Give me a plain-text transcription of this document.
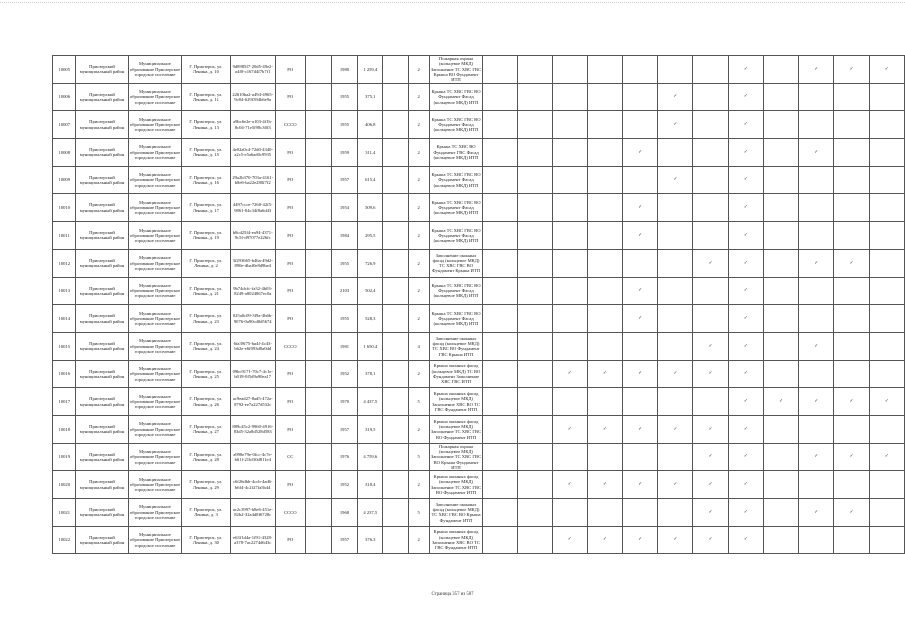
10005	Приозерский муниципальный район	Муниципальное образование Приозерское городское поселение	Г. Приозерск, ул. Ленина, д. 10	9d8985f7-20d5-49e2-a4f0-c167d4f7b7f1	РО		1980	1 259,4		2	Пожарная охрана (кольцевое МКД) Заполнение ТС ХВС ГВС Крыша ВО Фундамент ИТП								✓		✓	✓	✓
10006	Приозерский муниципальный район	Муниципальное образование Приозерское городское поселение	Г. Приозерск, ул. Ленина, д. 11	22610ba2-a494-4965-9c84-629f394b6e9a	РО		1955	375,1		2	Крыша ТС ХВС ГВС ВО Фундамент Фасад (кольцевое МКД) ИТП						✓		✓				
10007	Приозерский муниципальный район	Муниципальное образование Приозерское городское поселение	Г. Приозерск, ул. Ленина, д. 13	a9bc6e2e-a103-4f1b-8c04-71e5f98c30f3	СССО		1955	406,8		2	Крыша ТС ХВС ГВС ВО Фундамент Фасад (кольцевое МКД) ИТП						✓		✓				
10008	Приозерский муниципальный район	Муниципальное образование Приозерское городское поселение	Г. Приозерск, ул. Ленина, д. 15	4e02a0c4-72d0-4340-a2c5-e5a6ad0c9935	РО		1959	311,4		2	Крыша ТС ХВС ВО Фундамент ГВС Фасад (кольцевое МКД) ИТП					✓			✓		✓		
10009	Приозерский муниципальный район	Муниципальное образование Приозерское городское поселение	Г. Приозерск, ул. Ленина, д. 16	29a2b370-703a-4161-b8e6-ba22e280f7f2	РО		1957	615,4		2	Крыша ТС ХВС ГВС ВО Фундамент Фасад (кольцевое МКД) ИТП						✓		✓				
10010	Приозерский муниципальный район	Муниципальное образование Приозерское городское поселение	Г. Приозерск, ул. Ленина, д. 17	4497ccce-7260-42f5-9861-04c34f8a6d43	РО		1954	509,6		2	Крыша ТС ХВС ГВС ВО Фундамент Фасад (кольцевое МКД) ИТП					✓			✓				
10011	Приозерский муниципальный район	Муниципальное образование Приозерское городское поселение	Г. Приозерск, ул. Ленина, д. 19	b8cd25f4-ea94-4371-9c5f-d97077e226fc	РО		1984	295,5		2	Крыша ТС ХВС ГВС ВО Фундамент Фасад (кольцевое МКД) ИТП					✓			✓				
10012	Приозерский муниципальный район	Муниципальное образование Приозерское городское поселение	Г. Приозерск, ул. Ленина, д. 2	3f293665-b46a-49d2-890e-dbaf0e8d9be4	РО		1955	726,9		2	Заполнение оконных фасад (кольцевое МКД) ТС ХВС ГВС ВО Фундамент Крыша ИТП							✓	✓		✓	✓	
10013	Приозерский муниципальный район	Муниципальное образование Приозерское городское поселение	Г. Приозерск, ул. Ленина, д. 21	9b74dcfc-fa32-4b03-8249-a8024867ec0a	РО		2103	502,4		2	Крыша ТС ХВС ГВС ВО Фундамент Фасад (кольцевое МКД) ИТП					✓			✓				
10014	Приозерский муниципальный район	Муниципальное образование Приозерское городское поселение	Г. Приозерск, ул. Ленина, д. 23	025a0c09-3f9a-4b6b-9076-0a90cd0d5674	РО		1955	528,3		2	Крыша ТС ХВС ГВС ВО Фундамент Фасад (кольцевое МКД) ИТП					✓			✓				
10015	Приозерский муниципальный район	Муниципальное образование Приозерское городское поселение	Г. Приозерск, ул. Ленина, д. 24	6fa39f75-ba4f-4c43-b62e-e6f093d0a0dd	СССО		1981	1 650,4		4	Заполнение оконных фасад (кольцевое МКД) ТС ХВС ВО Фундамент ГВС Крыша ИТП							✓	✓		✓		
10016	Приозерский муниципальный район	Муниципальное образование Приозерское городское поселение	Г. Приозерск, ул. Ленина, д. 25	09bc9171-70c7-4c1e-b018-0f5d9a90ea17	РО		1952	378,1		2	Крыша оконных фасад (кольцевое МКД) ТС ВО Фундамент Заполнение ХВС ГВС ИТП			✓	✓	✓	✓	✓	✓				
10017	Приозерский муниципальный район	Муниципальное образование Приозерское городское поселение	Г. Приозерск, ул. Ленина, д. 26	ac9ead27-8ad5-472a-8792-ee7a227d532c	РО		1970	4 437,5		5	Крыша оконных фасад (кольцевое МКД) Заполнение ХВС ВО ТС ГВС Фундамент ИТП								✓	✓	✓	✓	✓
10018	Приозерский муниципальный район	Муниципальное образование Приозерское городское поселение	Г. Приозерск, ул. Ленина, д. 27	889c45c2-9960-4916-83d5-32a8d528d583	РО		1957	319,5		2	Крыша оконных фасад (кольцевое МКД) Заполнение ТС ХВС ГВС ВО Фундамент ИТП			✓	✓	✓	✓	✓	✓				
10019	Приозерский муниципальный район	Муниципальное образование Приозерское городское поселение	Г. Приозерск, ул. Ленина, д. 28	a998e79e-0fcc-4c7e-b61f-21bf30d811e4	СС		1976	4 759,6		5	Пожарная охрана (кольцевое МКД) Заполнение ТС ХВС ГВС ВО Крыша Фундамент ИТП							✓	✓		✓	✓	✓
10020	Приозерский муниципальный район	Муниципальное образование Приозерское городское поселение	Г. Приозерск, ул. Ленина, д. 29	c6f26dbb-4ccb-4ad6-b6f4-4c2f27fa5b44	РО		1952	318,4		2	Крыша оконных фасад (кольцевое МКД) Заполнение ТС ХВС ГВС ВО Фундамент ИТП			✓	✓	✓	✓	✓	✓				
10021	Приозерский муниципальный район	Муниципальное образование Приозерское городское поселение	Г. Приозерск, ул. Ленина, д. 3	ac2c3997-b8e6-451e-82b2-32a4d8f6728c	СССО		1968	4 237,5		5	Заполнение оконных фасад (кольцевое МКД) ТС ХВС ГВС ВО Крыша Фундамент ИТП							✓	✓		✓	✓	
10022	Приозерский муниципальный район	Муниципальное образование Приозерское городское поселение	Г. Приозерск, ул. Ленина, д. 30	e63f1d4a-1f91-4328-a378-7ac2274d643c	РО		1957	376,3		2	Крыша оконных фасад (кольцевое МКД) Заполнение ХВС ВО ТС ГВС Фундамент ИТП			✓	✓	✓	✓	✓	✓				
Страница 357 из 587
